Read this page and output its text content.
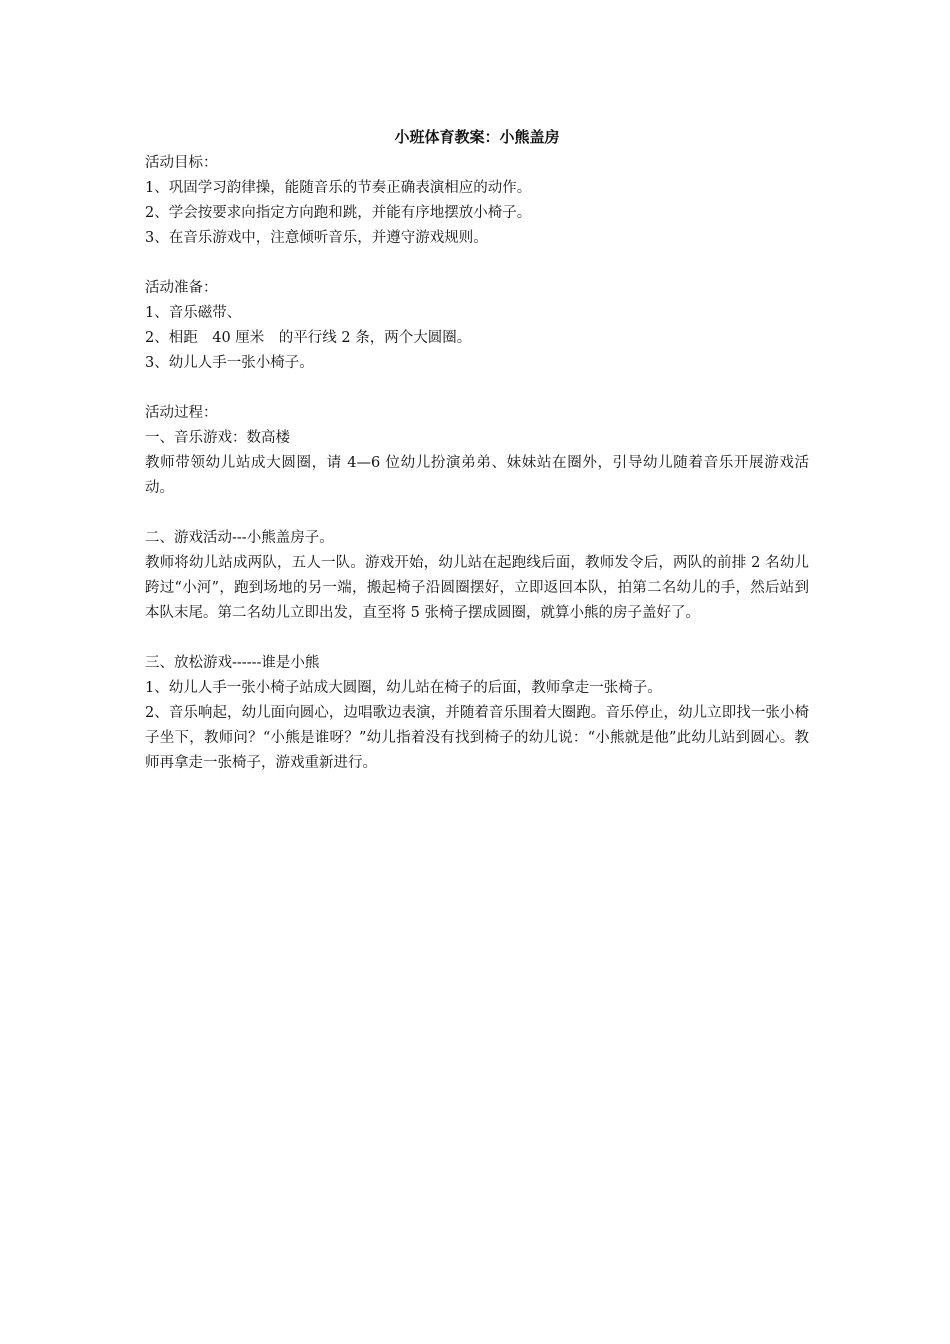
小班体育教案：小熊盖房
活动目标：
1、巩固学习韵律操，能随音乐的节奏正确表演相应的动作。
2、学会按要求向指定方向跑和跳，并能有序地摆放小椅子。
3、在音乐游戏中，注意倾听音乐，并遵守游戏规则。
活动准备：
1、音乐磁带、
2、相距　40 厘米　的平行线 2 条，两个大圆圈。
3、幼儿人手一张小椅子。
活动过程：
一、音乐游戏：数高楼
教师带领幼儿站成大圆圈，请 4—6 位幼儿扮演弟弟、妹妹站在圈外，引导幼儿随着音乐开展游戏活动。
二、游戏活动---小熊盖房子。
教师将幼儿站成两队，五人一队。游戏开始，幼儿站在起跑线后面，教师发令后，两队的前排 2 名幼儿跨过“小河”，跑到场地的另一端，搬起椅子沿圆圈摆好，立即返回本队，拍第二名幼儿的手，然后站到本队末尾。第二名幼儿立即出发，直至将 5 张椅子摆成圆圈，就算小熊的房子盖好了。
三、放松游戏------谁是小熊
1、幼儿人手一张小椅子站成大圆圈，幼儿站在椅子的后面，教师拿走一张椅子。
2、音乐响起，幼儿面向圆心，边唱歌边表演，并随着音乐围着大圈跑。音乐停止，幼儿立即找一张小椅子坐下，教师问？“小熊是谁呀？”幼儿指着没有找到椅子的幼儿说：“小熊就是他”此幼儿站到圆心。教师再拿走一张椅子，游戏重新进行。
